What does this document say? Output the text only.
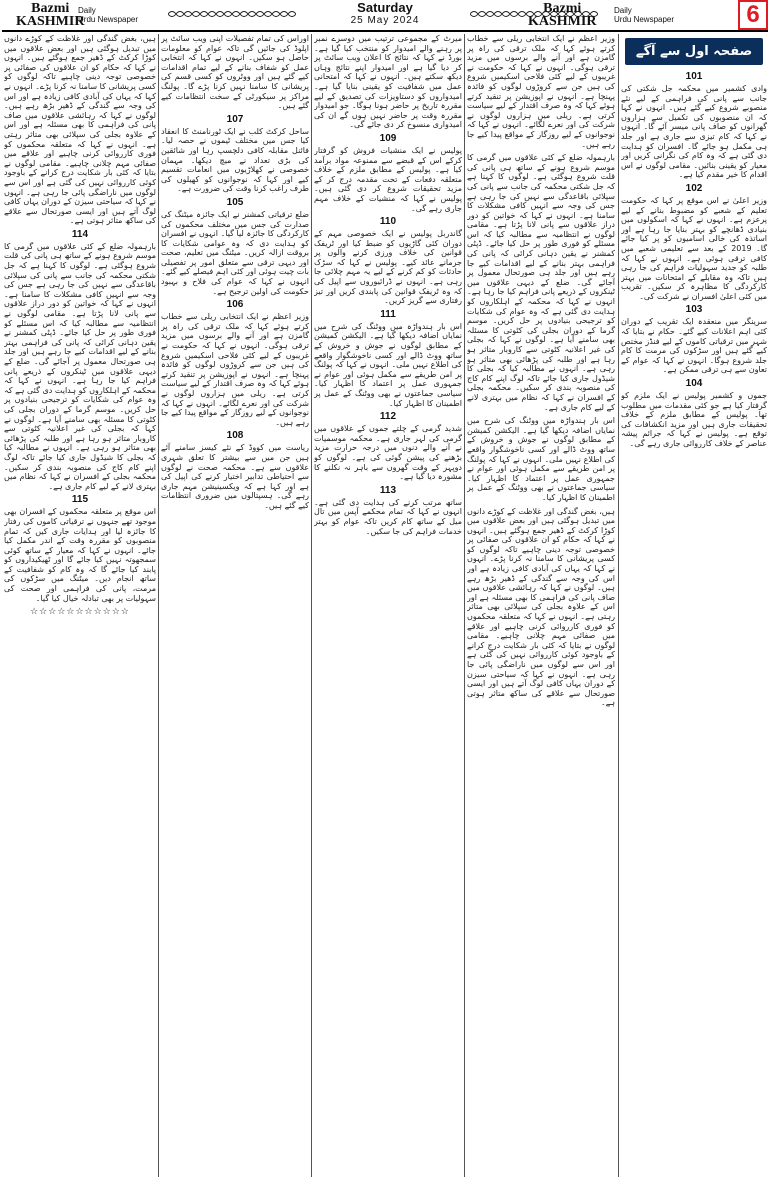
Bazmi
KASHMIR
Daily
Urdu Newspaper
Saturday
25 May 2024
Bazmi
KASHMIR
Daily
Urdu Newspaper	6

ہیں، بغض گندگی اور غلاظت کے کوڑے دانوں میں تبدیل ہوگئی ہیں اور بعض علاقوں میں کوڑا کرکٹ کے ڈھیر جمع ہوگئے ہیں۔ انہوں نے کہا کہ حکام کو ان علاقوں کی صفائی پر خصوصی توجہ دینی چاہیے تاکہ لوگوں کو کسی پریشانی کا سامنا نہ کرنا پڑے۔ انہوں نے کہا کہ یہاں کی آبادی کافی زیادہ ہے اور اس کی وجہ سے گندگی کے ڈھیر بڑھ رہے ہیں۔ لوگوں نے کہا کہ رہائشی علاقوں میں صاف پانی کی فراہمی کا بھی مسئلہ ہے اور اس کے علاوہ بجلی کی سپلائی بھی متاثر رہتی ہے۔ انہوں نے کہا کہ متعلقہ محکموں کو فوری کارروائی کرنی چاہیے اور علاقے میں صفائی مہم چلانی چاہیے۔ مقامی لوگوں نے بتایا کہ کئی بار شکایت درج کرانے کے باوجود کوئی کارروائی نہیں کی گئی ہے اور اس سے لوگوں میں ناراضگی پائی جا رہی ہے۔ انہوں نے کہا کہ سیاحتی سیزن کے دوران یہاں کافی لوگ آتے ہیں اور ایسی صورتحال سے علاقے کی ساکھ متاثر ہوتی ہے۔

114

بارہمولہ ضلع کے کئی علاقوں میں گرمی کا موسم شروع ہونے کے ساتھ ہی پانی کی قلت شروع ہوگئی ہے۔ لوگوں کا کہنا ہے کہ جل شکتی محکمہ کی جانب سے پانی کی سپلائی باقاعدگی سے نہیں کی جا رہی ہے جس کی وجہ سے انہیں کافی مشکلات کا سامنا ہے۔ انہوں نے کہا کہ خواتین کو دور دراز علاقوں سے پانی لانا پڑتا ہے۔ مقامی لوگوں نے انتظامیہ سے مطالبہ کیا کہ اس مسئلے کو فوری طور پر حل کیا جائے۔ ڈپٹی کمشنر نے یقین دہانی کرائی کہ پانی کی فراہمی بہتر بنانے کے لیے اقدامات کیے جا رہے ہیں اور جلد ہی صورتحال معمول پر آجائے گی۔ ضلع کے دیہی علاقوں میں ٹینکروں کے ذریعے پانی فراہم کیا جا رہا ہے۔ انہوں نے کہا کہ محکمہ کے اہلکاروں کو ہدایت دی گئی ہے کہ وہ عوام کی شکایات کو ترجیحی بنیادوں پر حل کریں۔ موسم گرما کے دوران بجلی کی کٹوتی کا مسئلہ بھی سامنے آیا ہے۔ لوگوں نے کہا کہ بجلی کی غیر اعلانیہ کٹوتی سے کاروبار متاثر ہو رہا ہے اور طلبہ کی پڑھائی بھی متاثر ہو رہی ہے۔ انہوں نے مطالبہ کیا کہ بجلی کا شیڈول جاری کیا جائے تاکہ لوگ اپنے کام کاج کی منصوبہ بندی کر سکیں۔ محکمہ بجلی کے افسران نے کہا کہ نظام میں بہتری لانے کے لیے کام جاری ہے۔

115

اس موقع پر متعلقہ محکموں کے افسران بھی موجود تھے جنہوں نے ترقیاتی کاموں کی رفتار کا جائزہ لیا اور ہدایات جاری کیں کہ تمام منصوبوں کو مقررہ وقت کے اندر مکمل کیا جائے۔ انہوں نے کہا کہ معیار کے ساتھ کوئی سمجھوتہ نہیں کیا جائے گا اور ٹھیکیداروں کو پابند کیا جائے گا کہ وہ کام کو شفافیت کے ساتھ انجام دیں۔ میٹنگ میں سڑکوں کی مرمت، پانی کی فراہمی اور صحت کی سہولیات پر بھی تبادلہ خیال کیا گیا۔

☆☆☆☆☆☆☆☆☆☆☆

اوراس کی تمام تفصیلات اپنی ویب سائٹ پر اپلوڈ کی جائیں گی تاکہ عوام کو معلومات حاصل ہو سکیں۔ انہوں نے کہا کہ انتخابی عمل کو شفاف بنانے کے لیے تمام اقدامات کیے گئے ہیں اور ووٹروں کو کسی قسم کی پریشانی کا سامنا نہیں کرنا پڑے گا۔ پولنگ مراکز پر سیکورٹی کے سخت انتظامات کیے گئے ہیں۔

107

ساحل کرکٹ کلب نے ایک ٹورنامنٹ کا انعقاد کیا جس میں مختلف ٹیموں نے حصہ لیا۔ فائنل مقابلہ کافی دلچسپ رہا اور شائقین کی بڑی تعداد نے میچ دیکھا۔ مہمان خصوصی نے کھلاڑیوں میں انعامات تقسیم کیے اور کہا کہ نوجوانوں کو کھیلوں کی طرف راغب کرنا وقت کی ضرورت ہے۔

105

ضلع ترقیاتی کمشنر نے ایک جائزہ میٹنگ کی صدارت کی جس میں مختلف محکموں کی کارکردگی کا جائزہ لیا گیا۔ انہوں نے افسران کو ہدایت دی کہ وہ عوامی شکایات کا بروقت ازالہ کریں۔ میٹنگ میں تعلیم، صحت اور دیہی ترقی سے متعلق امور پر تفصیلی بات چیت ہوئی اور کئی اہم فیصلے کیے گئے۔ انہوں نے کہا کہ عوام کی فلاح و بہبود حکومت کی اولین ترجیح ہے۔

106

وزیر اعظم نے ایک انتخابی ریلی سے خطاب کرتے ہوئے کہا کہ ملک ترقی کی راہ پر گامزن ہے اور آنے والے برسوں میں مزید ترقی ہوگی۔ انہوں نے کہا کہ حکومت نے غریبوں کے لیے کئی فلاحی اسکیمیں شروع کی ہیں جن سے کروڑوں لوگوں کو فائدہ پہنچا ہے۔ انہوں نے اپوزیشن پر تنقید کرتے ہوئے کہا کہ وہ صرف اقتدار کے لیے سیاست کرتی ہے۔ ریلی میں ہزاروں لوگوں نے شرکت کی اور نعرے لگائے۔ انہوں نے کہا کہ نوجوانوں کے لیے روزگار کے مواقع پیدا کیے جا رہے ہیں۔

108

ریاست میں کووڈ کے نئے کیسز سامنے آئے ہیں جن میں سے بیشتر کا تعلق شہری علاقوں سے ہے۔ محکمہ صحت نے لوگوں سے احتیاطی تدابیر اختیار کرنے کی اپیل کی ہے اور کہا ہے کہ ویکسینیشن مہم جاری رہے گی۔ ہسپتالوں میں ضروری انتظامات کیے گئے ہیں۔

میرٹ کے مجموعی ترتیب میں دوسرے نمبر پر رہنے والے امیدوار کو منتخب کیا گیا ہے۔ بورڈ نے کہا کہ نتائج کا اعلان ویب سائٹ پر کر دیا گیا ہے اور امیدوار اپنے نتائج وہاں دیکھ سکتے ہیں۔ انہوں نے کہا کہ امتحانی عمل میں شفافیت کو یقینی بنایا گیا ہے۔ امیدواروں کو دستاویزات کی تصدیق کے لیے مقررہ تاریخ پر حاضر ہونا ہوگا۔ جو امیدوار مقررہ وقت پر حاضر نہیں ہوں گے ان کی امیدواری منسوخ کر دی جائے گی۔

109

پولیس نے ایک منشیات فروش کو گرفتار کرکے اس کے قبضے سے ممنوعہ مواد برآمد کیا ہے۔ پولیس کے مطابق ملزم کے خلاف متعلقہ دفعات کے تحت مقدمہ درج کر کے مزید تحقیقات شروع کر دی گئی ہیں۔ پولیس نے کہا کہ منشیات کے خلاف مہم جاری رہے گی۔

110

گاندربل پولیس نے ایک خصوصی مہم کے دوران کئی گاڑیوں کو ضبط کیا اور ٹریفک قوانین کی خلاف ورزی کرنے والوں پر جرمانے عائد کیے۔ پولیس نے کہا کہ سڑک حادثات کو کم کرنے کے لیے یہ مہم چلائی جا رہی ہے۔ انہوں نے ڈرائیوروں سے اپیل کی کہ وہ ٹریفک قوانین کی پابندی کریں اور تیز رفتاری سے گریز کریں۔

111

اس بار ہندواڑہ میں ووٹنگ کی شرح میں نمایاں اضافہ دیکھا گیا ہے۔ الیکشن کمیشن کے مطابق لوگوں نے جوش و خروش کے ساتھ ووٹ ڈالے اور کسی ناخوشگوار واقعے کی اطلاع نہیں ملی۔ انہوں نے کہا کہ پولنگ پر امن طریقے سے مکمل ہوئی اور عوام نے جمہوری عمل پر اعتماد کا اظہار کیا۔ سیاسی جماعتوں نے بھی ووٹنگ کے عمل پر اطمینان کا اظہار کیا۔

112

شدید گرمی کے چلتے جموں کے علاقوں میں گرمی کی لہر جاری ہے۔ محکمہ موسمیات نے آنے والے دنوں میں درجہ حرارت مزید بڑھنے کی پیشن گوئی کی ہے۔ لوگوں کو دوپہر کے وقت گھروں سے باہر نہ نکلنے کا مشورہ دیا گیا ہے۔

113

ساتھ مرتب کرنے کی ہدایت دی گئی ہے۔ انہوں نے کہا کہ تمام محکمے آپس میں تال میل کے ساتھ کام کریں تاکہ عوام کو بہتر خدمات فراہم کی جا سکیں۔

وزیر اعظم نے ایک انتخابی ریلی سے خطاب کرتے ہوئے کہا کہ ملک ترقی کی راہ پر گامزن ہے اور آنے والے برسوں میں مزید ترقی ہوگی۔ انہوں نے کہا کہ حکومت نے غریبوں کے لیے کئی فلاحی اسکیمیں شروع کی ہیں جن سے کروڑوں لوگوں کو فائدہ پہنچا ہے۔ انہوں نے اپوزیشن پر تنقید کرتے ہوئے کہا کہ وہ صرف اقتدار کے لیے سیاست کرتی ہے۔ ریلی میں ہزاروں لوگوں نے شرکت کی اور نعرے لگائے۔ انہوں نے کہا کہ نوجوانوں کے لیے روزگار کے مواقع پیدا کیے جا رہے ہیں۔

بارہمولہ ضلع کے کئی علاقوں میں گرمی کا موسم شروع ہونے کے ساتھ ہی پانی کی قلت شروع ہوگئی ہے۔ لوگوں کا کہنا ہے کہ جل شکتی محکمہ کی جانب سے پانی کی سپلائی باقاعدگی سے نہیں کی جا رہی ہے جس کی وجہ سے انہیں کافی مشکلات کا سامنا ہے۔ انہوں نے کہا کہ خواتین کو دور دراز علاقوں سے پانی لانا پڑتا ہے۔ مقامی لوگوں نے انتظامیہ سے مطالبہ کیا کہ اس مسئلے کو فوری طور پر حل کیا جائے۔ ڈپٹی کمشنر نے یقین دہانی کرائی کہ پانی کی فراہمی بہتر بنانے کے لیے اقدامات کیے جا رہے ہیں اور جلد ہی صورتحال معمول پر آجائے گی۔ ضلع کے دیہی علاقوں میں ٹینکروں کے ذریعے پانی فراہم کیا جا رہا ہے۔ انہوں نے کہا کہ محکمہ کے اہلکاروں کو ہدایت دی گئی ہے کہ وہ عوام کی شکایات کو ترجیحی بنیادوں پر حل کریں۔ موسم گرما کے دوران بجلی کی کٹوتی کا مسئلہ بھی سامنے آیا ہے۔ لوگوں نے کہا کہ بجلی کی غیر اعلانیہ کٹوتی سے کاروبار متاثر ہو رہا ہے اور طلبہ کی پڑھائی بھی متاثر ہو رہی ہے۔ انہوں نے مطالبہ کیا کہ بجلی کا شیڈول جاری کیا جائے تاکہ لوگ اپنے کام کاج کی منصوبہ بندی کر سکیں۔ محکمہ بجلی کے افسران نے کہا کہ نظام میں بہتری لانے کے لیے کام جاری ہے۔

اس بار ہندواڑہ میں ووٹنگ کی شرح میں نمایاں اضافہ دیکھا گیا ہے۔ الیکشن کمیشن کے مطابق لوگوں نے جوش و خروش کے ساتھ ووٹ ڈالے اور کسی ناخوشگوار واقعے کی اطلاع نہیں ملی۔ انہوں نے کہا کہ پولنگ پر امن طریقے سے مکمل ہوئی اور عوام نے جمہوری عمل پر اعتماد کا اظہار کیا۔ سیاسی جماعتوں نے بھی ووٹنگ کے عمل پر اطمینان کا اظہار کیا۔

ہیں، بغض گندگی اور غلاظت کے کوڑے دانوں میں تبدیل ہوگئی ہیں اور بعض علاقوں میں کوڑا کرکٹ کے ڈھیر جمع ہوگئے ہیں۔ انہوں نے کہا کہ حکام کو ان علاقوں کی صفائی پر خصوصی توجہ دینی چاہیے تاکہ لوگوں کو کسی پریشانی کا سامنا نہ کرنا پڑے۔ انہوں نے کہا کہ یہاں کی آبادی کافی زیادہ ہے اور اس کی وجہ سے گندگی کے ڈھیر بڑھ رہے ہیں۔ لوگوں نے کہا کہ رہائشی علاقوں میں صاف پانی کی فراہمی کا بھی مسئلہ ہے اور اس کے علاوہ بجلی کی سپلائی بھی متاثر رہتی ہے۔ انہوں نے کہا کہ متعلقہ محکموں کو فوری کارروائی کرنی چاہیے اور علاقے میں صفائی مہم چلانی چاہیے۔ مقامی لوگوں نے بتایا کہ کئی بار شکایت درج کرانے کے باوجود کوئی کارروائی نہیں کی گئی ہے اور اس سے لوگوں میں ناراضگی پائی جا رہی ہے۔ انہوں نے کہا کہ سیاحتی سیزن کے دوران یہاں کافی لوگ آتے ہیں اور ایسی صورتحال سے علاقے کی ساکھ متاثر ہوتی ہے۔

صفحہ اول سے آگے
101

وادی کشمیر میں محکمہ جل شکتی کی جانب سے پانی کی فراہمی کے لیے نئے منصوبے شروع کیے گئے ہیں۔ انہوں نے کہا کہ ان منصوبوں کی تکمیل سے ہزاروں گھرانوں کو صاف پانی میسر آئے گا۔ انہوں نے کہا کہ کام تیزی سے جاری ہے اور جلد ہی مکمل ہو جائے گا۔ افسران کو ہدایت دی گئی ہے کہ وہ کام کی نگرانی کریں اور معیار کو یقینی بنائیں۔ مقامی لوگوں نے اس اقدام کا خیر مقدم کیا ہے۔

102

وزیر اعلیٰ نے اس موقع پر کہا کہ حکومت تعلیم کے شعبے کو مضبوط بنانے کے لیے پرعزم ہے۔ انہوں نے کہا کہ اسکولوں میں بنیادی ڈھانچے کو بہتر بنایا جا رہا ہے اور اساتذہ کی خالی اسامیوں کو پر کیا جائے گا۔ 2019 کے بعد سے تعلیمی شعبے میں کافی ترقی ہوئی ہے۔ انہوں نے کہا کہ طلبہ کو جدید سہولیات فراہم کی جا رہی ہیں تاکہ وہ مقابلے کے امتحانات میں بہتر کارکردگی کا مظاہرہ کر سکیں۔ تقریب میں کئی اعلیٰ افسران نے شرکت کی۔

103

سرینگر میں منعقدہ ایک تقریب کے دوران کئی اہم اعلانات کیے گئے۔ حکام نے بتایا کہ شہر میں ترقیاتی کاموں کے لیے فنڈز مختص کیے گئے ہیں اور سڑکوں کی مرمت کا کام جلد شروع ہوگا۔ انہوں نے کہا کہ عوام کے تعاون سے ہی ترقی ممکن ہے۔

104

جموں و کشمیر پولیس نے ایک ملزم کو گرفتار کیا ہے جو کئی مقدمات میں مطلوب تھا۔ پولیس کے مطابق ملزم کے خلاف تحقیقات جاری ہیں اور مزید انکشافات کی توقع ہے۔ پولیس نے کہا کہ جرائم پیشہ عناصر کے خلاف کارروائی جاری رہے گی۔
